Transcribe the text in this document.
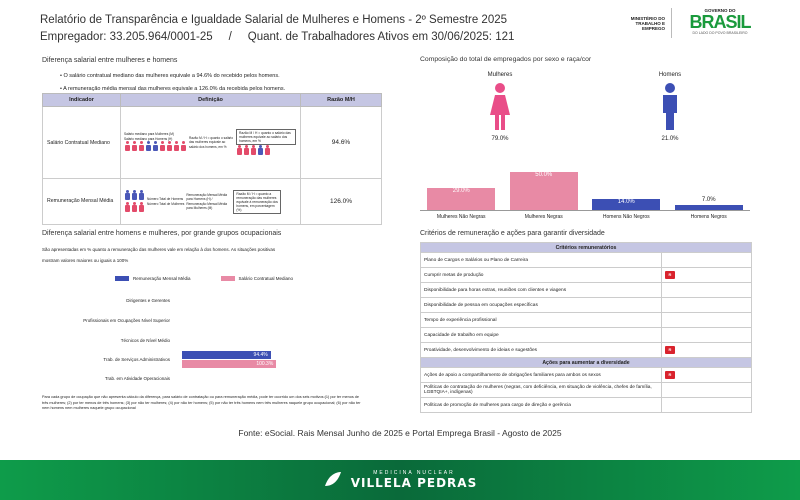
Relatório de Transparência e Igualdade Salarial de Mulheres e Homens - 2º Semestre 2025
Empregador: 33.205.964/0001-25     /     Quant. de Trabalhadores Ativos em 30/06/2025: 121
MINISTÉRIO DO TRABALHO E EMPREGO
GOVERNO DO
BRASIL
DO LADO DO POVO BRASILEIRO
Diferença salarial entre mulheres e homens
• O salário contratual mediano das mulheres equivale a 94.6% do recebido pelos homens.
• A remuneração média mensal das mulheres equivale a 126.0% da recebida pelos homens.
Indicador	Definição	Razão M/H
Salário Contratual Mediano	Salário mediano para Mulheres (M)
Salário mediano para Homens (H) Razão M / H = quanto o salário das mulheres equivale ao salário dos homens, em %
Razão M / H = quanto o salário das mulheres equivale ao salário dos homens, em %	94.6%
Remuneração Mensal Média	Número Total de Homens
Número Total de Mulheres
Remuneração Mensal Média para Homens (H) / Remuneração Mensal Média para Mulheres (M)
Razão M / H = quanto a remuneração das mulheres equivale à remuneração dos homens, em porcentagem (%)	126.0%
Composição do total de empregados por sexo e raça/cor
Mulheres
79.0%
Homens
21.0%
29.0%
Mulheres Não Negras
50.0%
Mulheres Negras
14.0%
Homens Não Negros
7.0%
Homens Negros
Diferença salarial entre homens e mulheres, por grande grupos ocupacionais
São apresentadas em % quanto a remuneração das mulheres vale em relação à dos homens. As situações positivas
mostram valores maiores ou iguais a 100%
Remuneração Mensal Média	Salário Contratual Mediano
Dirigentes e Gerentes
Profissionais em Ocupações Nível Superior
Técnicos de Nível Médio
Trab. de Serviços Administrativos
Trab. em Atividade Operacionais
94.4%
100.3%
Para cada grupo de ocupação que não apresenta cálculo da diferença, para salário de contratação ou para remuneração média, pode ter ocorrido um dos seis motivos:(1) por ter menos de três mulheres; (2) por ter menos de três homens; (3) por não ter mulheres; (4) por não ter homens; (5) por não ter três homens nem três mulheres naquele grupo ocupacional; (6) por não ter nem homens nem mulheres naquele grupo ocupacional
Critérios de remuneração e ações para garantir diversidade
Critérios remuneratórios	
Plano de Cargos e Salários ou Plano de Carreira	
Cumprir metas de produção	R
Disponibilidade para horas extras, reuniões com clientes e viagens	
Disponibilidade de pessoa em ocupações específicas	
Tempo de experiência profissional	
Capacidade de trabalho em equipe	
Proatividade, desenvolvimento de ideias e sugestões	R
Ações para aumentar a diversidade	
Ações de apoio a compartilhamento de obrigações familiares para ambos os sexos	R
Políticas de contratação de mulheres (negras, com deficiência, em situação de violência, chefes de família, LGBTQIA+, indígenas)	
Políticas de promoção de mulheres para cargo de direção e gerência	
Fonte: eSocial. Rais Mensal Junho de 2025 e Portal Emprega Brasil - Agosto de 2025
MEDICINA NUCLEAR
VILLELA PEDRAS
